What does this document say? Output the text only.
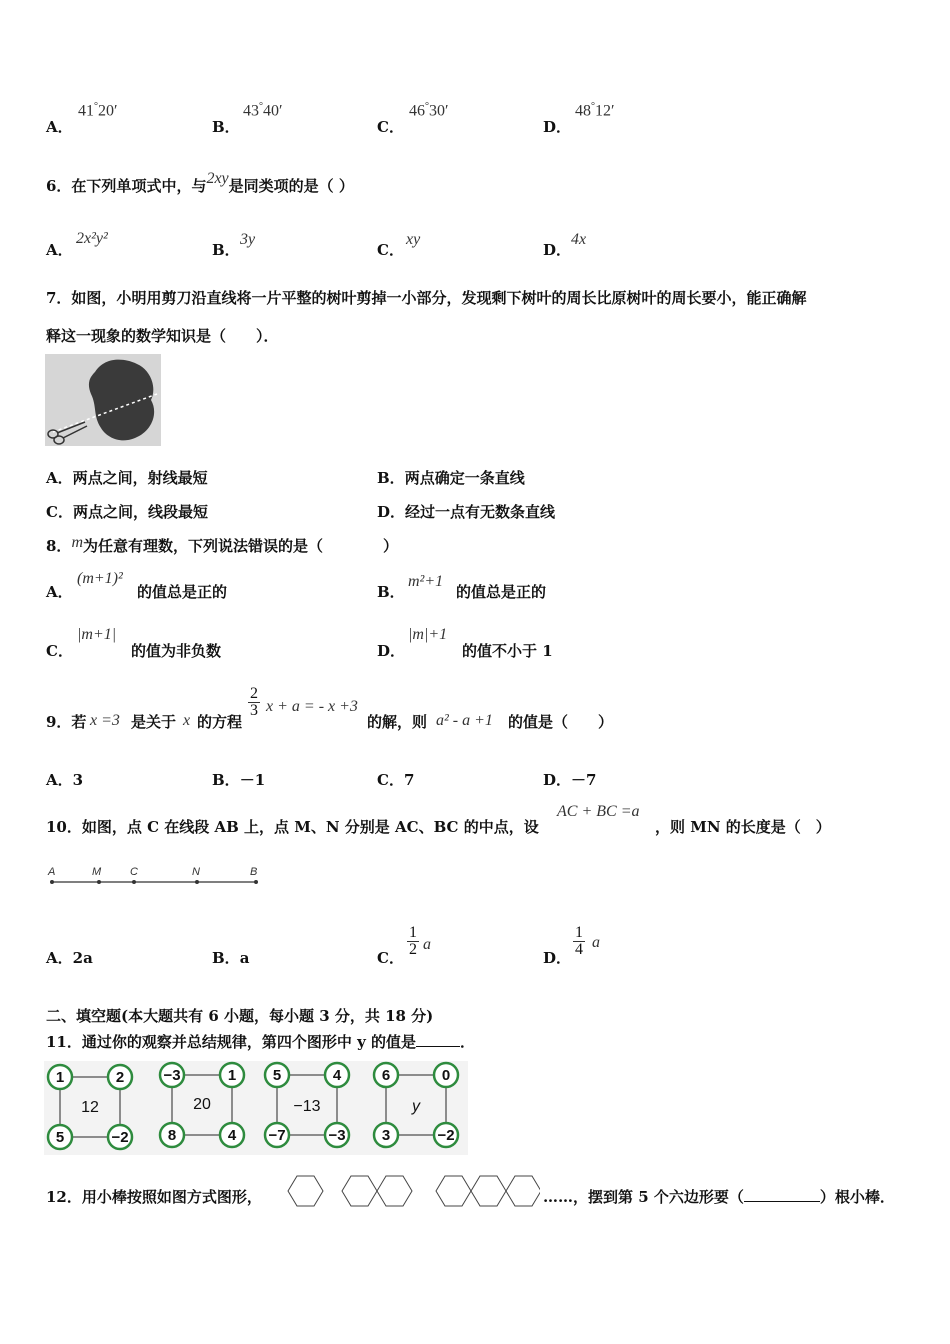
A．
41°20′
B．
43°40′
C．
46°30′
D．
48°12′
6．在下列单项式中，与2xy是同类项的是（ ）
A．
2x²y²
B．
3y
C．
xy
D．
4x
7．如图，小明用剪刀沿直线将一片平整的树叶剪掉一小部分，发现剩下树叶的周长比原树叶的周长要小，能正确解
释这一现象的数学知识是（　　）．
A．两点之间，射线最短	B．两点确定一条直线
C．两点之间，线段最短	D．经过一点有无数条直线
8．m为任意有理数，下列说法错误的是（　　　　）
A．
(m+1)²
的值总是正的	B．
m²+1
的值总是正的
C．
|m+1|
的值为非负数	D．
|m|+1
的值不小于 1
9．若 x =3 是关于 x 的方程
$\frac{2}{3}$ x + a = - x +3
的解，则 a² - a +1 的值是（　　）
A．3	B．－1	C．7	D．－7
10．如图，点 C 在线段 AB 上，点 M、N 分别是 AC、BC 的中点，设
AC + BC =a
，则 MN 的长度是（　）
A	M	C	N	B
A．2a	B．a	C． $\frac{1}{2}$ a
D． $\frac{1}{4}$ a
二、填空题(本大题共有 6 小题，每小题 3 分，共 18 分)
11．通过你的观察并总结规律，第四个图形中 y 的值是	．
1	2
5	−2
12
−3	1
8	4
20
5	4
−7	−3
−13
6	0
3	−2
y
12．用小棒按照如图方式图形，	……，摆到第 5 个六边形要（	）根小棒．
